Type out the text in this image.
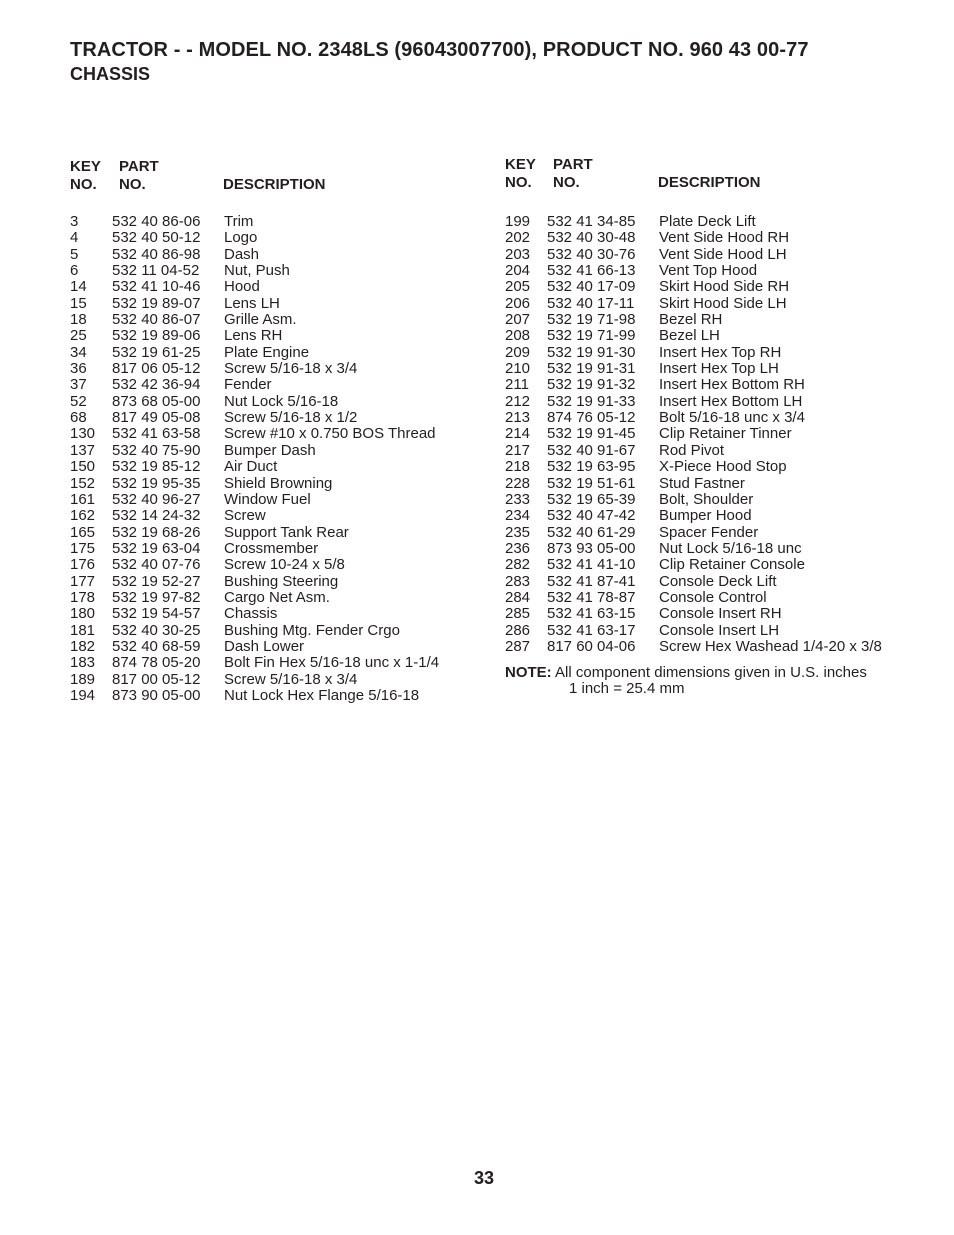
TRACTOR - - MODEL NO. 2348LS (96043007700), PRODUCT NO. 960 43 00-77
CHASSIS
KEY
NO.
PART
NO.	DESCRIPTION
3 532 40 86-06 Trim
4 532 40 50-12 Logo
5 532 40 86-98 Dash
6 532 11 04-52 Nut, Push
14 532 41 10-46 Hood
15 532 19 89-07 Lens LH
18 532 40 86-07 Grille Asm.
25 532 19 89-06 Lens RH
34 532 19 61-25 Plate Engine
36 817 06 05-12 Screw 5/16-18 x 3/4
37 532 42 36-94 Fender
52 873 68 05-00 Nut Lock 5/16-18
68 817 49 05-08 Screw 5/16-18 x 1/2
130 532 41 63-58 Screw #10 x 0.750 BOS Thread
137 532 40 75-90 Bumper Dash
150 532 19 85-12 Air Duct
152 532 19 95-35 Shield Browning
161 532 40 96-27 Window Fuel
162 532 14 24-32 Screw
165 532 19 68-26 Support Tank Rear
175 532 19 63-04 Crossmember
176 532 40 07-76 Screw 10-24 x 5/8
177 532 19 52-27 Bushing Steering
178 532 19 97-82 Cargo Net Asm.
180 532 19 54-57 Chassis
181 532 40 30-25 Bushing Mtg. Fender Crgo
182 532 40 68-59 Dash Lower
183 874 78 05-20 Bolt Fin Hex 5/16-18 unc x 1-1/4
189 817 00 05-12 Screw 5/16-18 x 3/4
194 873 90 05-00 Nut Lock Hex Flange 5/16-18
KEY
NO.
PART
NO.	DESCRIPTION
199 532 41 34-85 Plate Deck Lift
202 532 40 30-48 Vent Side Hood RH
203 532 40 30-76 Vent Side Hood LH
204 532 41 66-13 Vent Top Hood
205 532 40 17-09 Skirt Hood Side RH
206 532 40 17-11 Skirt Hood Side LH
207 532 19 71-98 Bezel RH
208 532 19 71-99 Bezel LH
209 532 19 91-30 Insert Hex Top RH
210 532 19 91-31 Insert Hex Top LH
211 532 19 91-32 Insert Hex Bottom RH
212 532 19 91-33 Insert Hex Bottom LH
213 874 76 05-12 Bolt 5/16-18 unc x 3/4
214 532 19 91-45 Clip Retainer Tinner
217 532 40 91-67 Rod Pivot
218 532 19 63-95 X-Piece Hood Stop
228 532 19 51-61 Stud Fastner
233 532 19 65-39 Bolt, Shoulder
234 532 40 47-42 Bumper Hood
235 532 40 61-29 Spacer Fender
236 873 93 05-00 Nut Lock 5/16-18 unc
282 532 41 41-10 Clip Retainer Console
283 532 41 87-41 Console Deck Lift
284 532 41 78-87 Console Control
285 532 41 63-15 Console Insert RH
286 532 41 63-17 Console Insert LH
287 817 60 04-06 Screw Hex Washead 1/4-20 x 3/8
NOTE: All component dimensions given in U.S. inches
1 inch = 25.4 mm
33
